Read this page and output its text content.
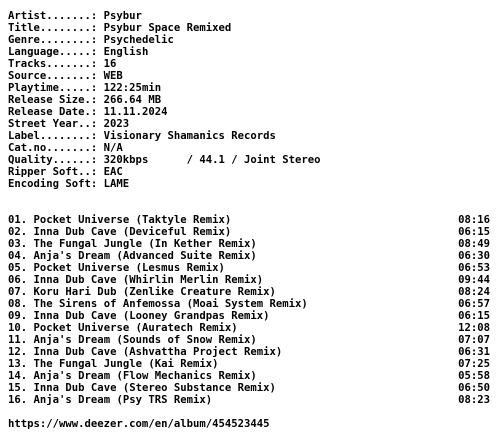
Artist.......: Psybur
Title........: Psybur Space Remixed
Genre........: Psychedelic
Language.....: English
Tracks.......: 16
Source.......: WEB
Playtime.....: 122:25min
Release Size.: 266.64 MB
Release Date.: 11.11.2024
Street Year..: 2023
Label........: Visionary Shamanics Records
Cat.no.......: N/A
Quality......: 320kbps      / 44.1 / Joint Stereo
Ripper Soft..: EAC
Encoding Soft: LAME
01. Pocket Universe (Taktyle Remix)	08:16
02. Inna Dub Cave (Deviceful Remix)	06:15
03. The Fungal Jungle (In Kether Remix)	08:49
04. Anja's Dream (Advanced Suite Remix)	06:30
05. Pocket Universe (Lesmus Remix)	06:53
06. Inna Dub Cave (Whirlin Merlin Remix)	09:44
07. Koru Hari Dub (Zenlike Creature Remix)	08:24
08. The Sirens of Anfemossa (Moai System Remix)	06:57
09. Inna Dub Cave (Looney Grandpas Remix)	06:15
10. Pocket Universe (Auratech Remix)	12:08
11. Anja's Dream (Sounds of Snow Remix)	07:07
12. Inna Dub Cave (Ashvattha Project Remix)	06:31
13. The Fungal Jungle (Kai Remix)	07:25
14. Anja's Dream (Flow Mechanics Remix)	05:58
15. Inna Dub Cave (Stereo Substance Remix)	06:50
16. Anja's Dream (Psy TRS Remix)	08:23
https://www.deezer.com/en/album/454523445
